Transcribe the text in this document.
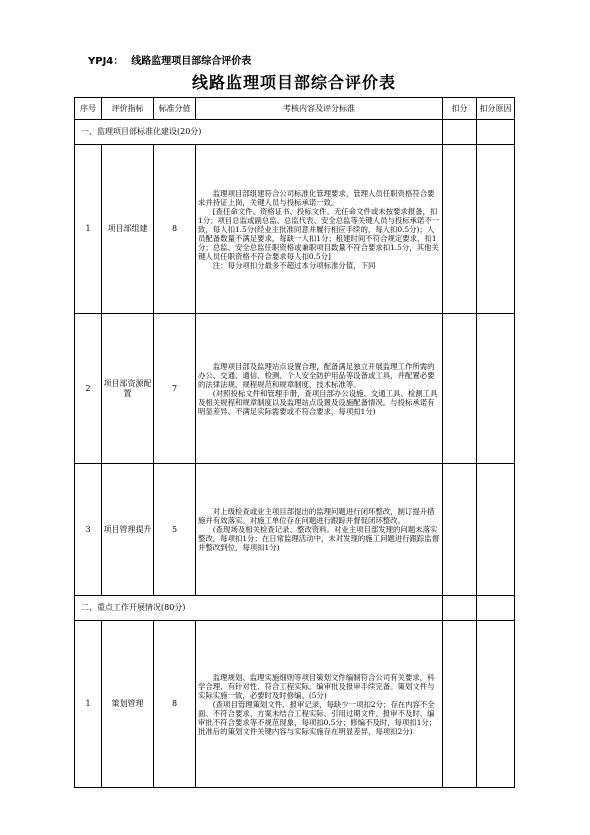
YPJ4： 线路监理项目部综合评价表
线路监理项目部综合评价表
序号	评价指标	标准分值	考核内容及评分标准	扣分	扣分原因
一、监理项目部标准化建设(20分)					
1	项目部组建	8	　　监理项目部组建符合公司标准化管理要求，管理人员任职资格符合要求并持证上岗，关键人员与投标承诺一致。
　　[查任命文件、资格证书、投标文件。无任命文件或未按要求报备，扣1分；项目总监或副总监、总监代表、安全总监等关键人员与投标承诺不一致，每人扣1.5分(经业主批准同意并履行相应手续的，每人扣0.5分)；人员配备数量不满足要求，每缺一人扣1分；租建时间不符合规定要求，扣1分；总监、安全总监任职资格或兼职项目数量不符合要求扣1.5分，其他关键人员任职资格不符合要求每人扣0.5分]
　　注：每分项扣分最多不超过本分项标准分值，下同		
2	项目部资源配置	7	　　监理项目部及监理站点设置合理，配备满足独立开展监理工作所需的办公、交通、通信、检测、个人安全防护用品等设备或工具，并配置必要的法律法规、规程规范和规章制度、技术标准等。
　　(对照投标文件和管理手册，查项目部办公设施、交通工具、检测工具及相关规程和规章制度以及监理站点设置及设施配备情况。与投标承诺有明显差异、不满足实际需要或不符合要求，每项扣1分)		
3	项目管理提升	5	　　对上级检查或业主项目部提出的监理问题进行闭环整改，制订提升措施并有效落实。对施工单位存在问题进行跟踪并督促闭环整改。
　　(查现场及相关检查记录、整改资料。对业主项目部发现的问题未落实整改，每项扣1分；在日常监理活动中，未对发现的施工问题进行跟踪监督并整改到位，每项扣1分)		
二、重点工作开展情况(80分)					
1	策划管理	8	　　监理规划、监理实施细则等项目策划文件编制符合公司有关要求，科学合理、有针对性、符合工程实际。编审批及报审手续完备。策划文件与实际实施一致，必要时及时修编。(5分)
　　(查项目管理策划文件、报审记录，每缺少一项扣2分；存在内容不全面、不符合要求、方案未结合工程实际、引用过期文件、报审不及时、编审批不符合要求等不规范现象，每项扣0.5分；修编不及时，每项扣1分；批准后的策划文件关键内容与实际实施存在明显差异，每项扣2分)		
